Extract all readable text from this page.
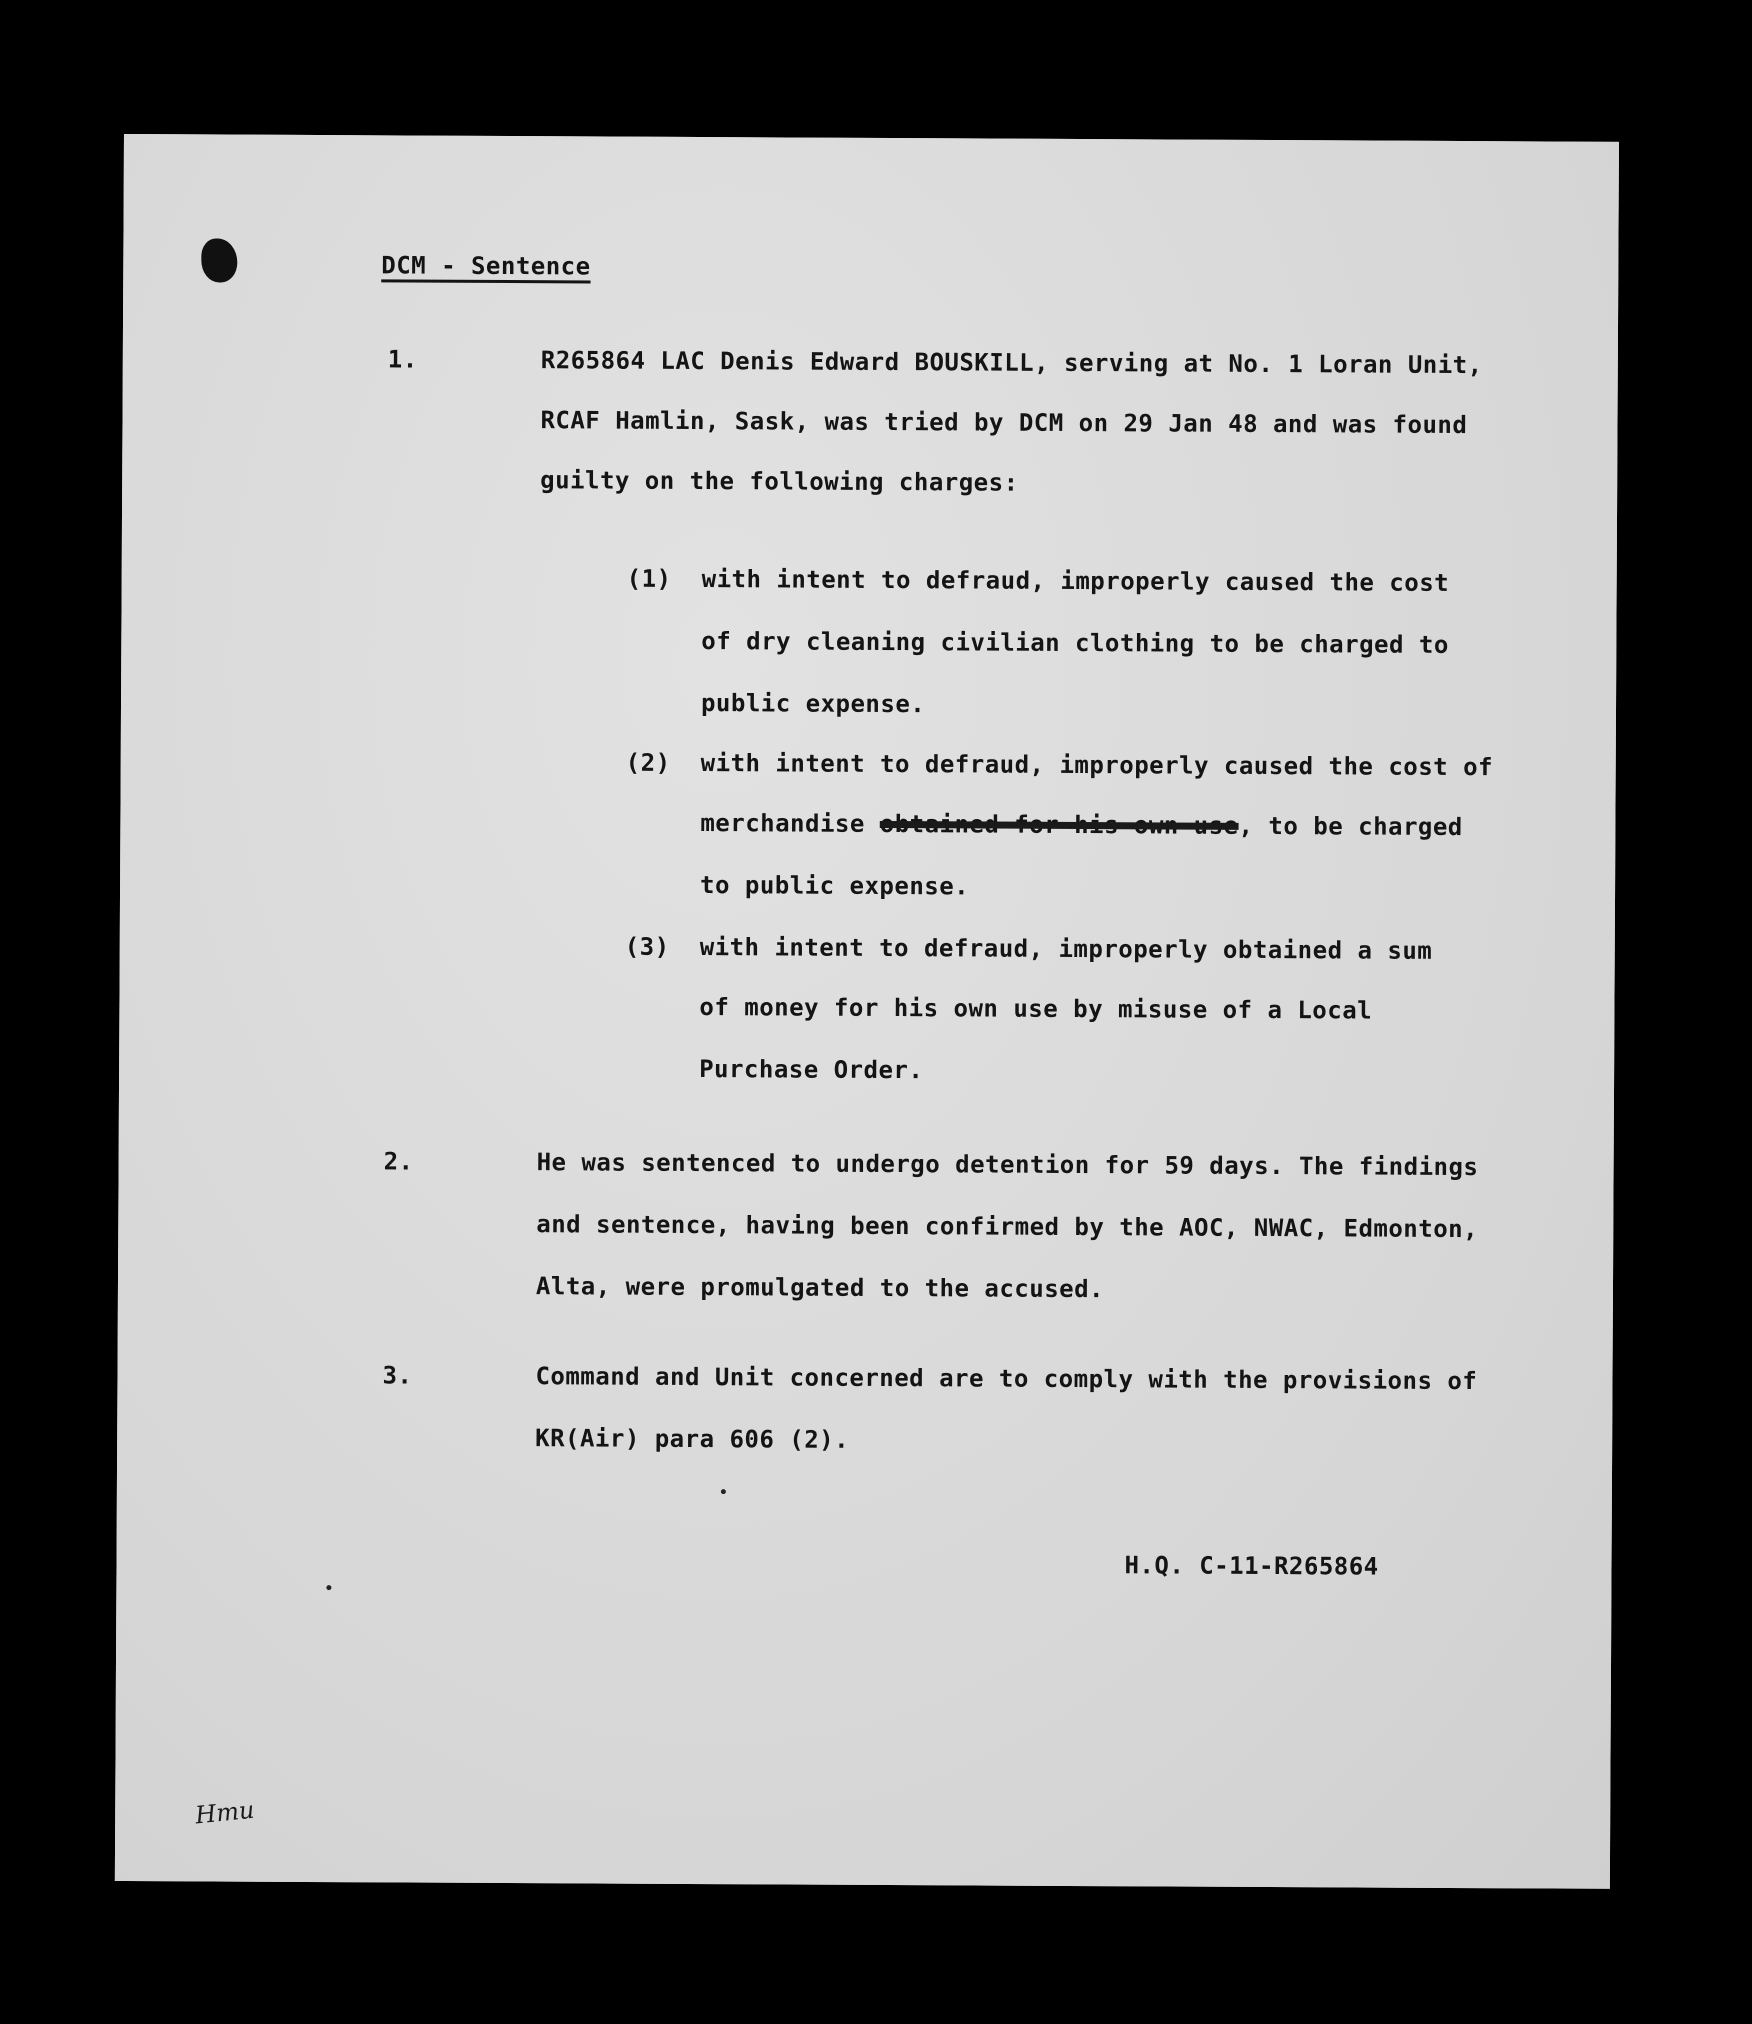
DCM - Sentence
1.	R265864 LAC Denis Edward BOUSKILL, serving at No. 1 Loran Unit,
RCAF Hamlin, Sask, was tried by DCM on 29 Jan 48 and was found
guilty on the following charges:
(1) with intent to defraud, improperly caused the cost
of dry cleaning civilian clothing to be charged to
public expense.
(2) with intent to defraud, improperly caused the cost of
merchandise obtained for his own use, to be charged
to public expense.
(3) with intent to defraud, improperly obtained a sum
of money for his own use by misuse of a Local
Purchase Order.
2.	He was sentenced to undergo detention for 59 days. The findings
and sentence, having been confirmed by the AOC, NWAC, Edmonton,
Alta, were promulgated to the accused.
3.	Command and Unit concerned are to comply with the provisions of
KR(Air) para 606 (2).
H.Q. C-11-R265864
Hmu
